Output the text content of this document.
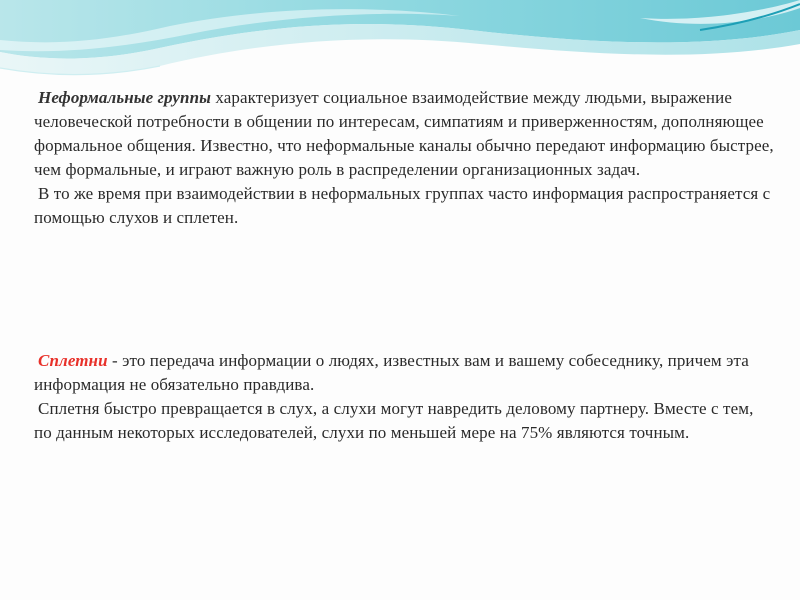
Неформальные группы характеризует социальное взаимодействие между людьми, выражение человеческой потребности в общении по интересам, симпатиям и приверженностям, дополняющее формальное общения. Известно, что неформальные каналы обычно передают информацию быстрее, чем формальные, и играют важную роль в распределении организационных задач.
В то же время при взаимодействии в неформальных группах часто информация распространяется с помощью слухов и сплетен.
Сплетни - это передача информации о людях, известных вам и вашему собеседнику, причем эта информация не обязательно правдива.
Сплетня быстро превращается в слух, а слухи могут навредить деловому партнеру. Вместе с тем, по данным некоторых исследователей, слухи по меньшей мере на 75% являются точным.
